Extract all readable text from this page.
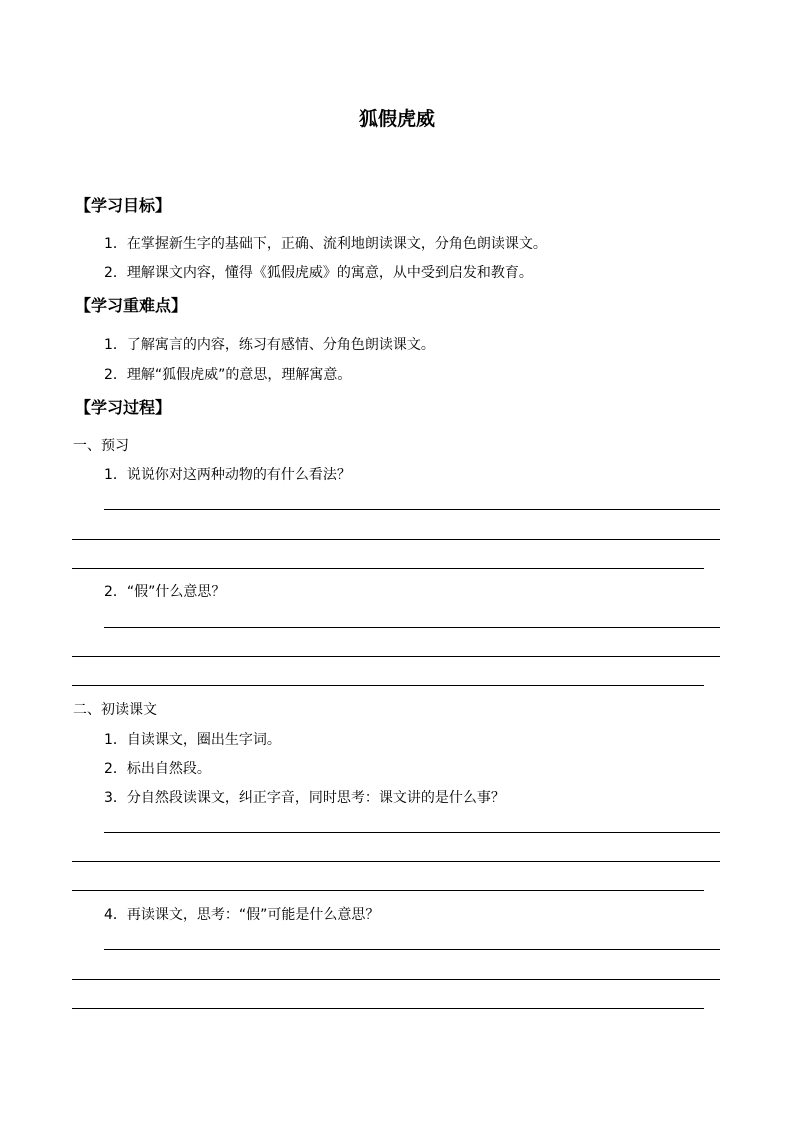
狐假虎威
【学习目标】
1．在掌握新生字的基础下，正确、流利地朗读课文，分角色朗读课文。
2．理解课文内容，懂得《狐假虎威》的寓意，从中受到启发和教育。
【学习重难点】
1．了解寓言的内容，练习有感情、分角色朗读课文。
2．理解“狐假虎威”的意思，理解寓意。
【学习过程】
一、预习
1．说说你对这两种动物的有什么看法？
2．“假”什么意思？
二、初读课文
1．自读课文，圈出生字词。
2．标出自然段。
3．分自然段读课文，纠正字音，同时思考：课文讲的是什么事？
4．再读课文，思考：“假”可能是什么意思？
